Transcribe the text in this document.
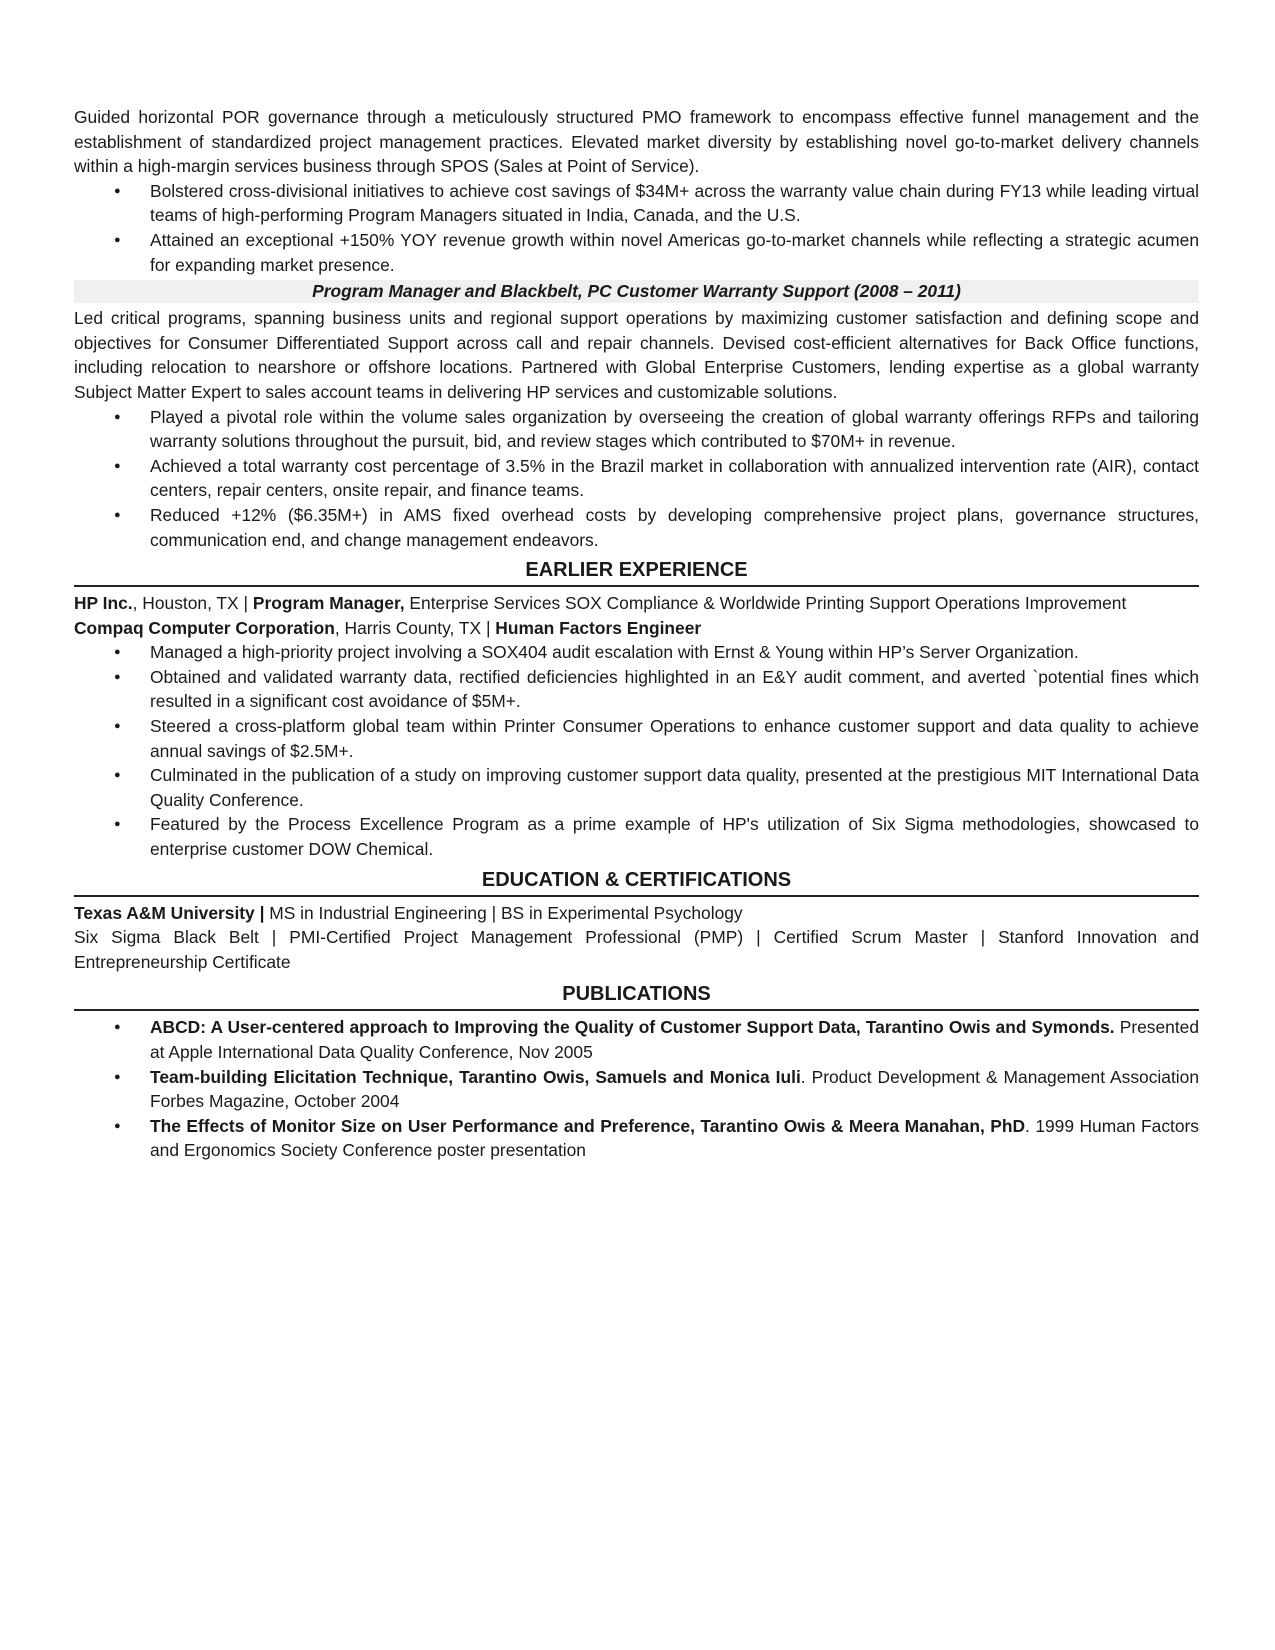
Guided horizontal POR governance through a meticulously structured PMO framework to encompass effective funnel management and the establishment of standardized project management practices. Elevated market diversity by establishing novel go-to-market delivery channels within a high-margin services business through SPOS (Sales at Point of Service).

● Bolstered cross-divisional initiatives to achieve cost savings of $34M+ across the warranty value chain during FY13 while leading virtual teams of high-performing Program Managers situated in India, Canada, and the U.S.
● Attained an exceptional +150% YOY revenue growth within novel Americas go-to-market channels while reflecting a strategic acumen for expanding market presence.
Program Manager and Blackbelt, PC Customer Warranty Support (2008 – 2011)

Led critical programs, spanning business units and regional support operations by maximizing customer satisfaction and defining scope and objectives for Consumer Differentiated Support across call and repair channels. Devised cost-efficient alternatives for Back Office functions, including relocation to nearshore or offshore locations. Partnered with Global Enterprise Customers, lending expertise as a global warranty Subject Matter Expert to sales account teams in delivering HP services and customizable solutions.

● Played a pivotal role within the volume sales organization by overseeing the creation of global warranty offerings RFPs and tailoring warranty solutions throughout the pursuit, bid, and review stages which contributed to $70M+ in revenue.
● Achieved a total warranty cost percentage of 3.5% in the Brazil market in collaboration with annualized intervention rate (AIR), contact centers, repair centers, onsite repair, and finance teams.
● Reduced +12% ($6.35M+) in AMS fixed overhead costs by developing comprehensive project plans, governance structures, communication end, and change management endeavors.
EARLIER EXPERIENCE

HP Inc., Houston, TX | Program Manager, Enterprise Services SOX Compliance & Worldwide Printing Support Operations Improvement

Compaq Computer Corporation, Harris County, TX | Human Factors Engineer

● Managed a high-priority project involving a SOX404 audit escalation with Ernst & Young within HP’s Server Organization.
● Obtained and validated warranty data, rectified deficiencies highlighted in an E&Y audit comment, and averted `potential fines which resulted in a significant cost avoidance of $5M+.
● Steered a cross-platform global team within Printer Consumer Operations to enhance customer support and data quality to achieve annual savings of $2.5M+.
● Culminated in the publication of a study on improving customer support data quality, presented at the prestigious MIT International Data Quality Conference.
● Featured by the Process Excellence Program as a prime example of HP's utilization of Six Sigma methodologies, showcased to enterprise customer DOW Chemical.
EDUCATION & CERTIFICATIONS

Texas A&M University | MS in Industrial Engineering | BS in Experimental Psychology

Six Sigma Black Belt | PMI-Certified Project Management Professional (PMP) | Certified Scrum Master | Stanford Innovation and Entrepreneurship Certificate

PUBLICATIONS
● ABCD: A User-centered approach to Improving the Quality of Customer Support Data, Tarantino Owis and Symonds. Presented at Apple International Data Quality Conference, Nov 2005
● Team-building Elicitation Technique, Tarantino Owis, Samuels and Monica Iuli. Product Development & Management Association Forbes Magazine, October 2004
● The Effects of Monitor Size on User Performance and Preference, Tarantino Owis & Meera Manahan, PhD. 1999 Human Factors and Ergonomics Society Conference poster presentation
